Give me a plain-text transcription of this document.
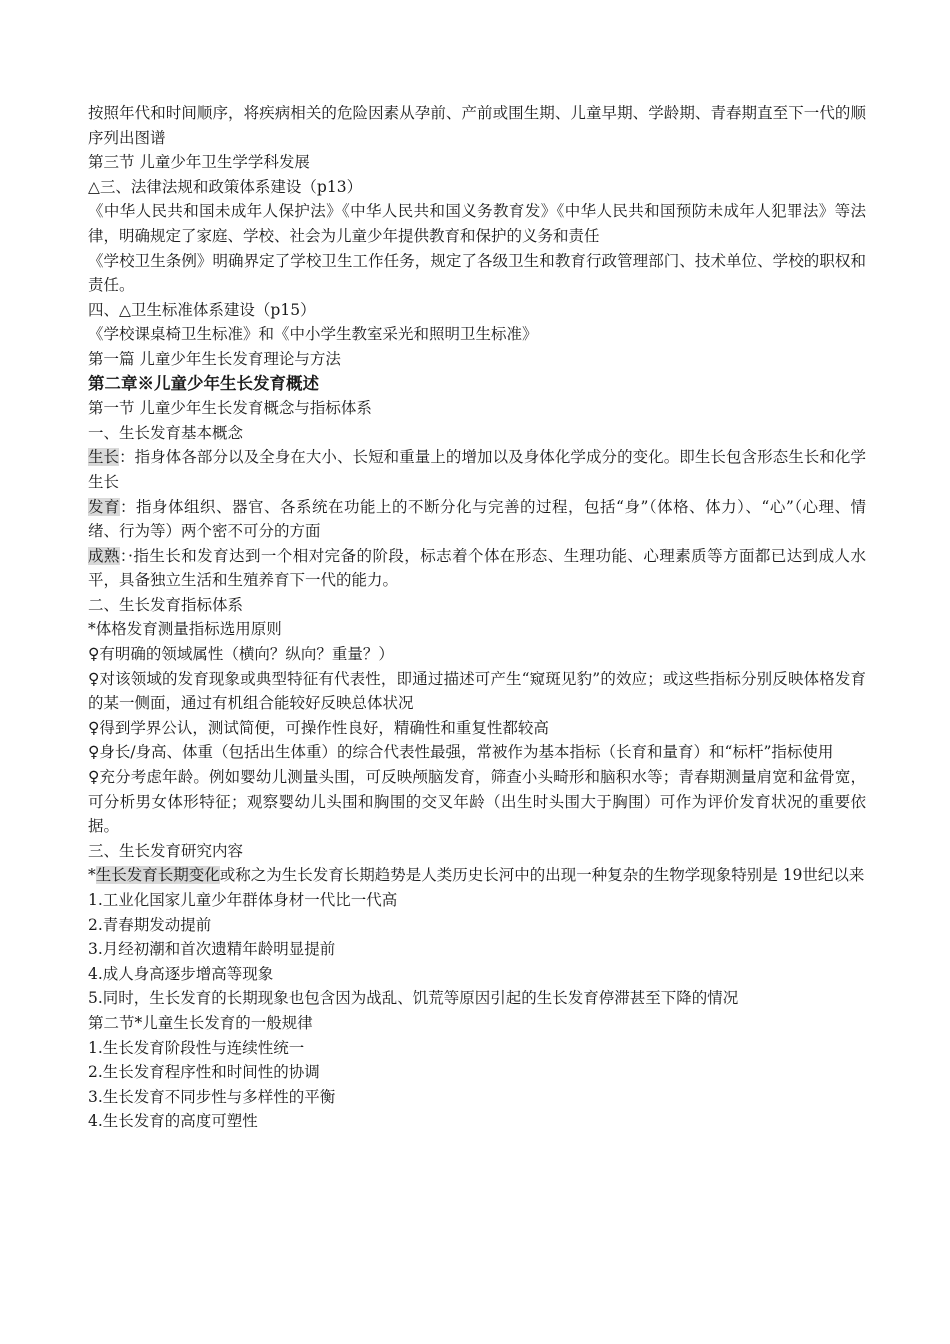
按照年代和时间顺序，将疾病相关的危险因素从孕前、产前或围生期、儿童早期、学龄期、青春期直至下一代的顺序列出图谱

第三节 儿童少年卫生学学科发展

△三、法律法规和政策体系建设（p13）

《中华人民共和国未成年人保护法》《中华人民共和国义务教育发》《中华人民共和国预防未成年人犯罪法》等法律，明确规定了家庭、学校、社会为儿童少年提供教育和保护的义务和责任

《学校卫生条例》明确界定了学校卫生工作任务，规定了各级卫生和教育行政管理部门、技术单位、学校的职权和责任。

四、△卫生标准体系建设（p15）

《学校课桌椅卫生标准》和《中小学生教室采光和照明卫生标准》

第一篇 儿童少年生长发育理论与方法

第二章※儿童少年生长发育概述

第一节 儿童少年生长发育概念与指标体系

一、生长发育基本概念

生长：指身体各部分以及全身在大小、长短和重量上的增加以及身体化学成分的变化。即生长包含形态生长和化学生长

发育：指身体组织、器官、各系统在功能上的不断分化与完善的过程，包括“身”（体格、体力）、“心”（心理、情绪、行为等）两个密不可分的方面

成熟：·指生长和发育达到一个相对完备的阶段，标志着个体在形态、生理功能、心理素质等方面都已达到成人水平，具备独立生活和生殖养育下一代的能力。

二、生长发育指标体系

*体格发育测量指标选用原则

♀有明确的领域属性（横向？纵向？重量？）

♀对该领域的发育现象或典型特征有代表性，即通过描述可产生“窥斑见豹”的效应；或这些指标分别反映体格发育的某一侧面，通过有机组合能较好反映总体状况

♀得到学界公认，测试简便，可操作性良好，精确性和重复性都较高

♀身长/身高、体重（包括出生体重）的综合代表性最强，常被作为基本指标（长育和量育）和“标杆”指标使用

♀充分考虑年龄。例如婴幼儿测量头围，可反映颅脑发育，筛查小头畸形和脑积水等；青春期测量肩宽和盆骨宽，可分析男女体形特征；观察婴幼儿头围和胸围的交叉年龄（出生时头围大于胸围）可作为评价发育状况的重要依据。

三、生长发育研究内容

*生长发育长期变化或称之为生长发育长期趋势是人类历史长河中的出现一种复杂的生物学现象特别是 19世纪以来

1.工业化国家儿童少年群体身材一代比一代高

2.青春期发动提前

3.月经初潮和首次遗精年龄明显提前

4.成人身高逐步增高等现象

5.同时，生长发育的长期现象也包含因为战乱、饥荒等原因引起的生长发育停滞甚至下降的情况

第二节*儿童生长发育的一般规律

1.生长发育阶段性与连续性统一

2.生长发育程序性和时间性的协调

3.生长发育不同步性与多样性的平衡

4.生长发育的高度可塑性
